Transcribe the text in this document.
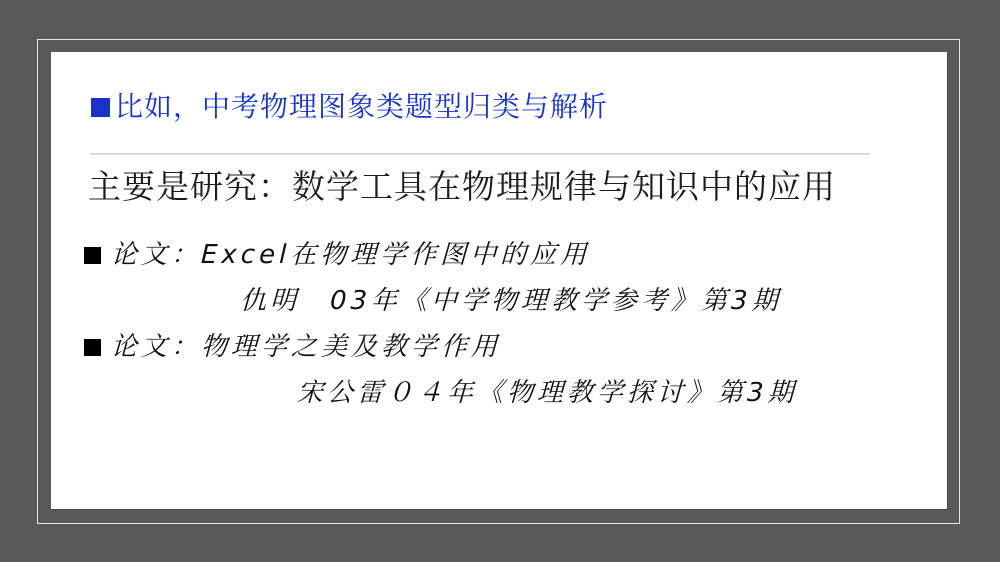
比如，中考物理图象类题型归类与解析

主要是研究：数学工具在物理规律与知识中的应用

论文：Excel在物理学作图中的应用
仇明　03年《中学物理教学参考》第3期
论文：物理学之美及教学作用
宋公雷０４年《物理教学探讨》第3期
